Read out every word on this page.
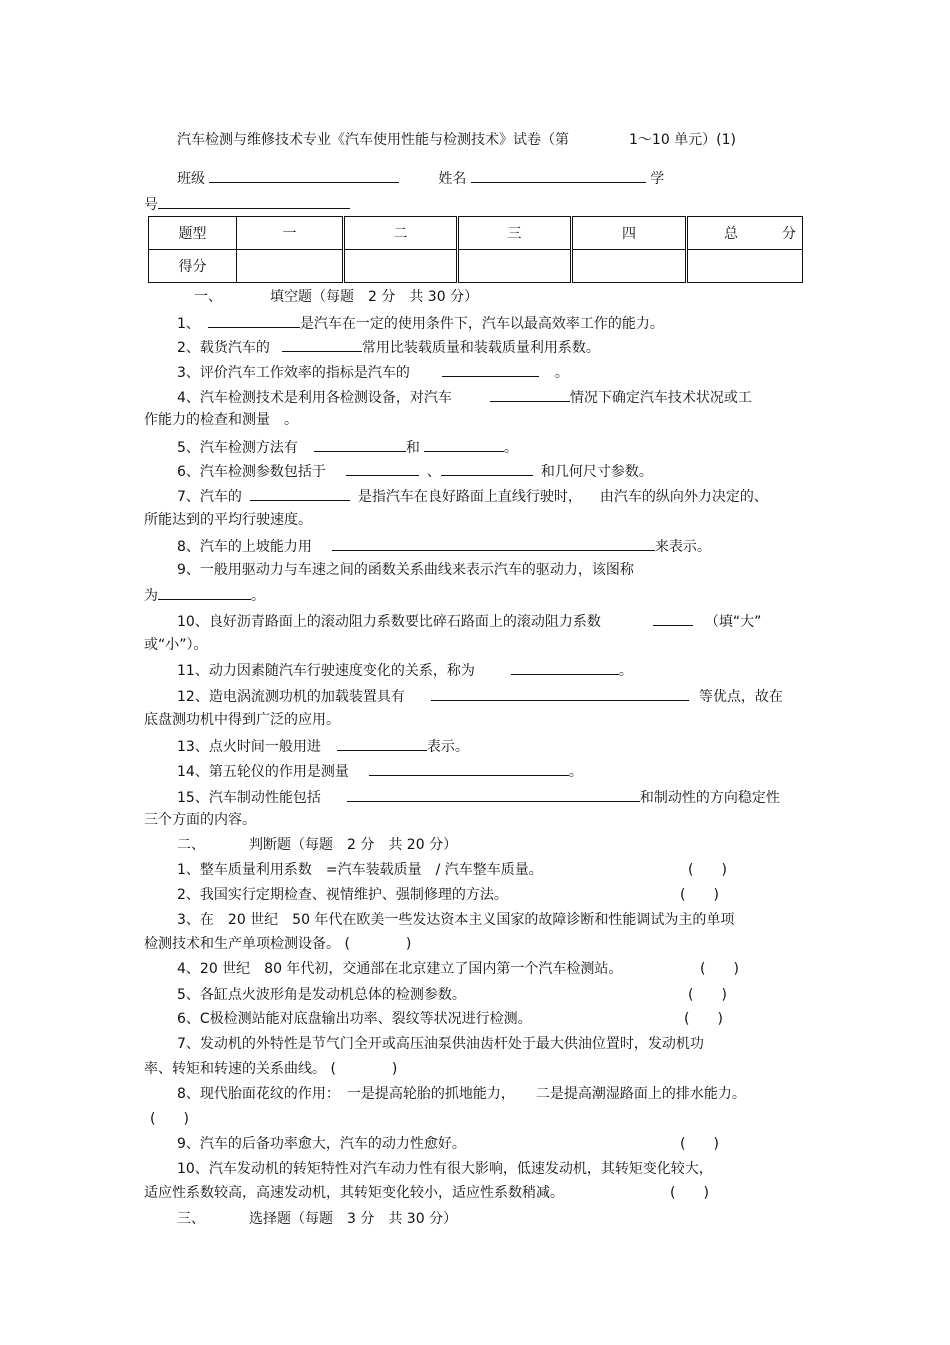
汽车检测与维修技术专业《汽车使用性能与检测技术》试卷（第	1～10 单元）(1)
班级	姓名	学
号
题型	一	二	三	四	总 分
得分					
一、	填空题（每题　2 分　共 30 分）
1、	是汽车在一定的使用条件下，汽车以最高效率工作的能力。
2、载货汽车的	常用比装载质量和装载质量利用系数。
3、评价汽车工作效率的指标是汽车的	。
4、汽车检测技术是利用各检测设备，对汽车	情况下确定汽车技术状况或工
作能力的检查和测量　。
5、汽车检测方法有	和	。
6、汽车检测参数包括于	、	和几何尺寸参数。
7、汽车的	是指汽车在良好路面上直线行驶时， 由汽车的纵向外力决定的、
所能达到的平均行驶速度。
8、汽车的上坡能力用	来表示。
9、一般用驱动力与车速之间的函数关系曲线来表示汽车的驱动力，该图称
为	。
10、良好沥青路面上的滚动阻力系数要比碎石路面上的滚动阻力系数	（填“大”
或“小”）。
11、动力因素随汽车行驶速度变化的关系，称为	。
12、造电涡流测功机的加载装置具有	等优点，故在
底盘测功机中得到广泛的应用。
13、点火时间一般用进	表示。
14、第五轮仪的作用是测量	。
15、汽车制动性能包括	和制动性的方向稳定性
三个方面的内容。
二、	判断题（每题　2 分　共 20 分）
1、整车质量利用系数　=汽车装载质量　/ 汽车整车质量。	(　　)
2、我国实行定期检查、视情维护、强制修理的方法。	(　　)
3、在　20 世纪　50 年代在欧美一些发达资本主义国家的故障诊断和性能调试为主的单项
检测技术和生产单项检测设备。 (　　　　)
4、20 世纪　80 年代初，交通部在北京建立了国内第一个汽车检测站。	(　　)
5、各缸点火波形角是发动机总体的检测参数。	(　　)
6、C极检测站能对底盘输出功率、裂纹等状况进行检测。	(　　)
7、发动机的外特性是节气门全开或高压油泵供油齿杆处于最大供油位置时，发动机功
率、转矩和转速的关系曲线。 (　　　　)
8、现代胎面花纹的作用：　一是提高轮胎的抓地能力，　　二是提高潮湿路面上的排水能力。
(　　)
9、汽车的后备功率愈大，汽车的动力性愈好。	(　　)
10、汽车发动机的转矩特性对汽车动力性有很大影响，低速发动机，其转矩变化较大，
适应性系数较高，高速发动机，其转矩变化较小，适应性系数稍减。	(　　)
三、	选择题（每题　3 分　共 30 分）
